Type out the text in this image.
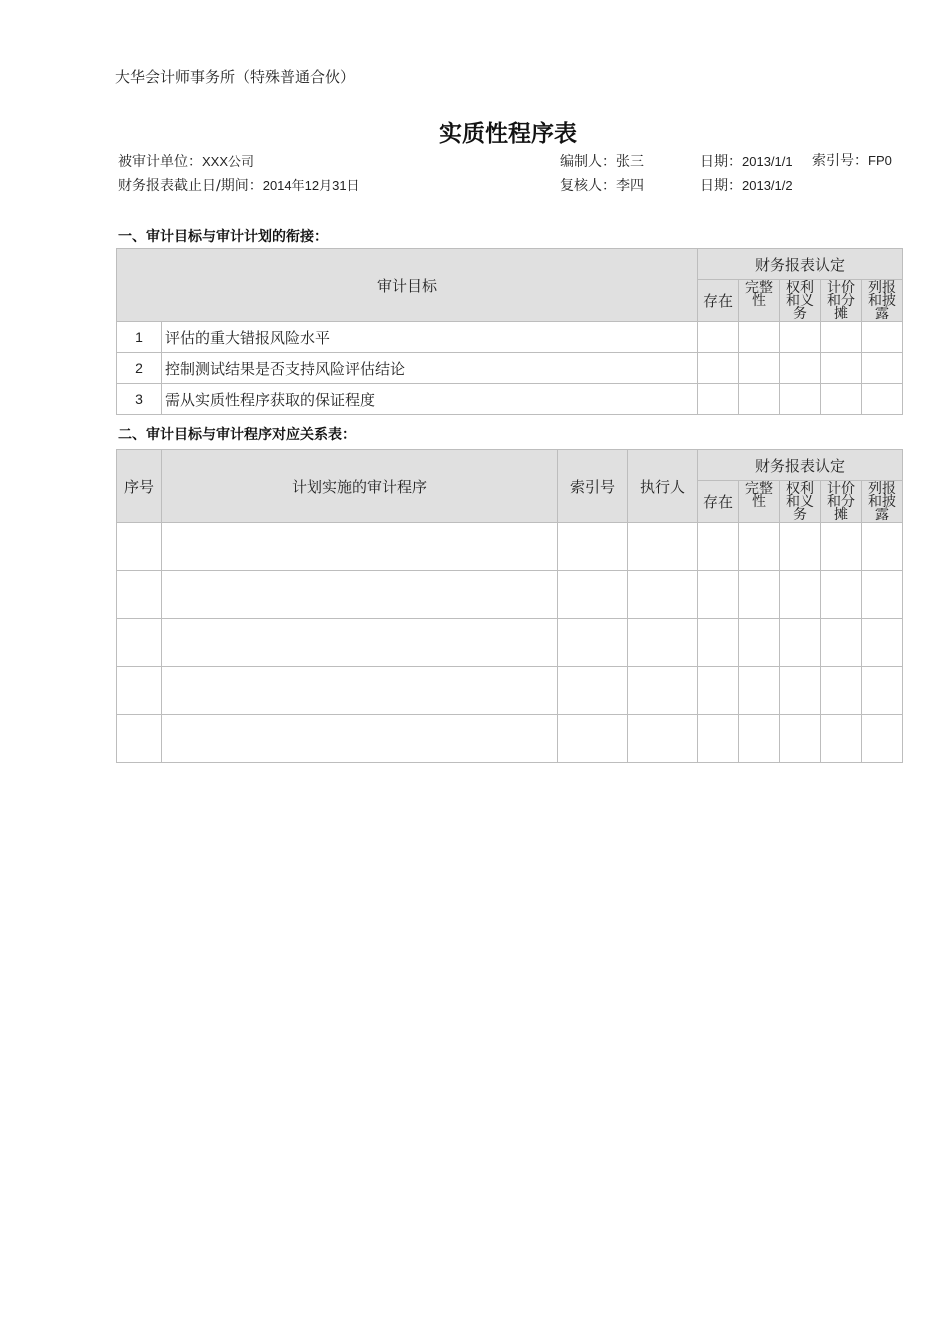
大华会计师事务所（特殊普通合伙）
实质性程序表
被审计单位：XXX公司
财务报表截止日/期间：2014年12月31日
编制人：张三
复核人：李四
日期：2013/1/1
日期：2013/1/2
索引号：FP0
一、审计目标与审计计划的衔接：
审计目标		财务报表认定				
		存在	完整性	权利和义务	计价和分摊	列报和披露
1	评估的重大错报风险水平					
2	控制测试结果是否支持风险评估结论					
3	需从实质性程序获取的保证程度					
二、审计目标与审计程序对应关系表：
序号	计划实施的审计程序	索引号	执行人	财务报表认定				
				存在	完整性	权利和义务	计价和分摊	列报和披露
